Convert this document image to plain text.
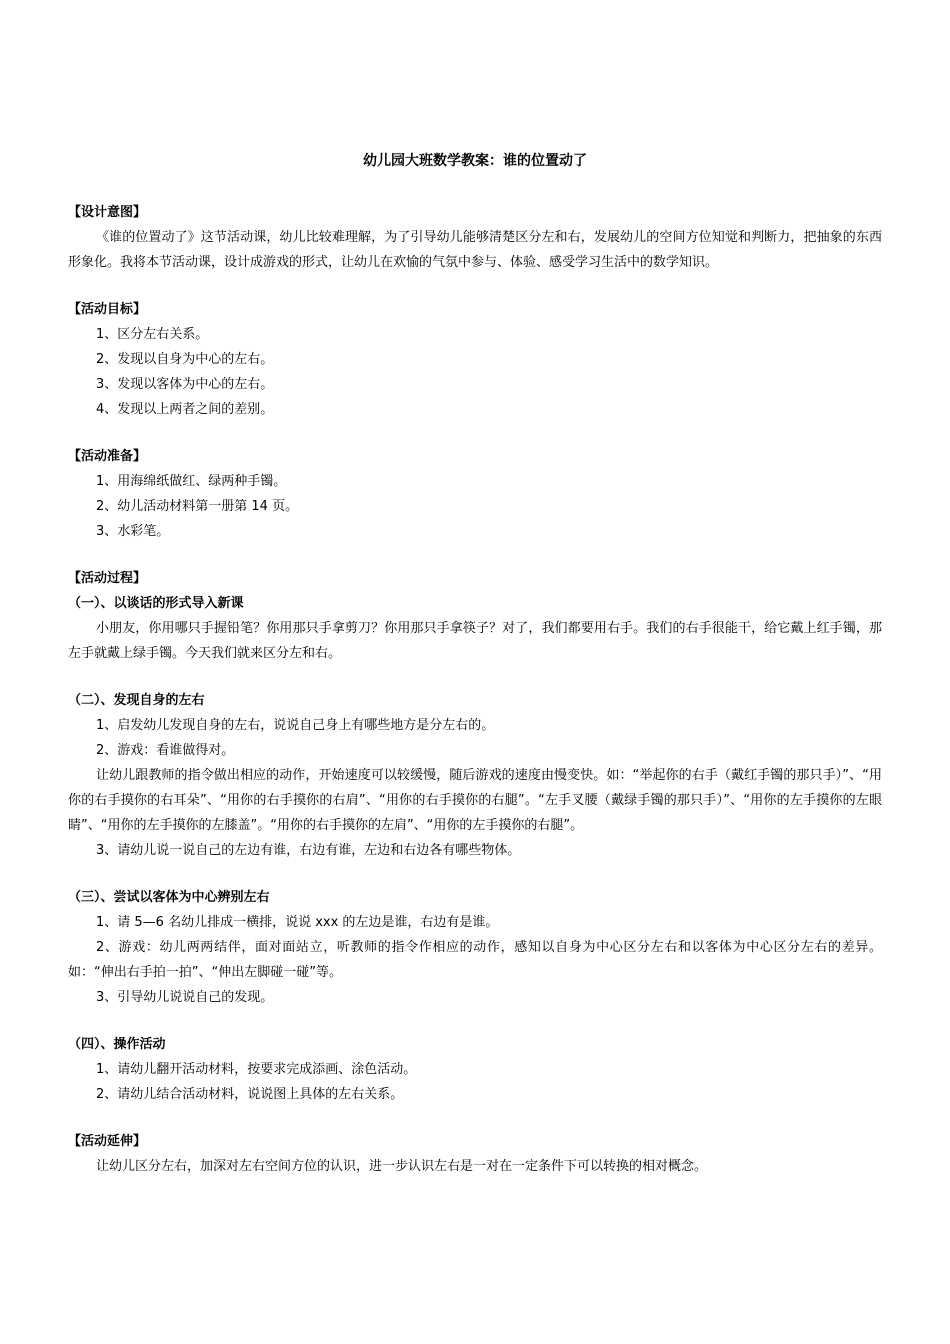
幼儿园大班数学教案：谁的位置动了

【设计意图】

《谁的位置动了》这节活动课，幼儿比较难理解，为了引导幼儿能够清楚区分左和右，发展幼儿的空间方位知觉和判断力，把抽象的东西形象化。我将本节活动课，设计成游戏的形式，让幼儿在欢愉的气氛中参与、体验、感受学习生活中的数学知识。

【活动目标】

1、区分左右关系。

2、发现以自身为中心的左右。

3、发现以客体为中心的左右。

4、发现以上两者之间的差别。

【活动准备】

1、用海绵纸做红、绿两种手镯。

2、幼儿活动材料第一册第 14 页。

3、水彩笔。

【活动过程】

（一）、以谈话的形式导入新课

小朋友，你用哪只手握铅笔？你用那只手拿剪刀？你用那只手拿筷子？对了，我们都要用右手。我们的右手很能干，给它戴上红手镯，那左手就戴上绿手镯。今天我们就来区分左和右。

（二）、发现自身的左右

1、启发幼儿发现自身的左右，说说自己身上有哪些地方是分左右的。

2、游戏：看谁做得对。

让幼儿跟教师的指令做出相应的动作，开始速度可以较缓慢，随后游戏的速度由慢变快。如：“举起你的右手（戴红手镯的那只手）”、“用你的右手摸你的右耳朵”、“用你的右手摸你的右肩”、“用你的右手摸你的右腿”。“左手叉腰（戴绿手镯的那只手）”、“用你的左手摸你的左眼睛”、“用你的左手摸你的左膝盖”。“用你的右手摸你的左肩”、“用你的左手摸你的右腿”。

3、请幼儿说一说自己的左边有谁，右边有谁，左边和右边各有哪些物体。

（三）、尝试以客体为中心辨别左右

1、请 5—6 名幼儿排成一横排，说说 xxx 的左边是谁，右边有是谁。

2、游戏：幼儿两两结伴，面对面站立，听教师的指令作相应的动作，感知以自身为中心区分左右和以客体为中心区分左右的差异。如：“伸出右手拍一拍”、“伸出左脚碰一碰”等。

3、引导幼儿说说自己的发现。

（四）、操作活动

1、请幼儿翻开活动材料，按要求完成添画、涂色活动。

2、请幼儿结合活动材料，说说图上具体的左右关系。

【活动延伸】

让幼儿区分左右，加深对左右空间方位的认识，进一步认识左右是一对在一定条件下可以转换的相对概念。
